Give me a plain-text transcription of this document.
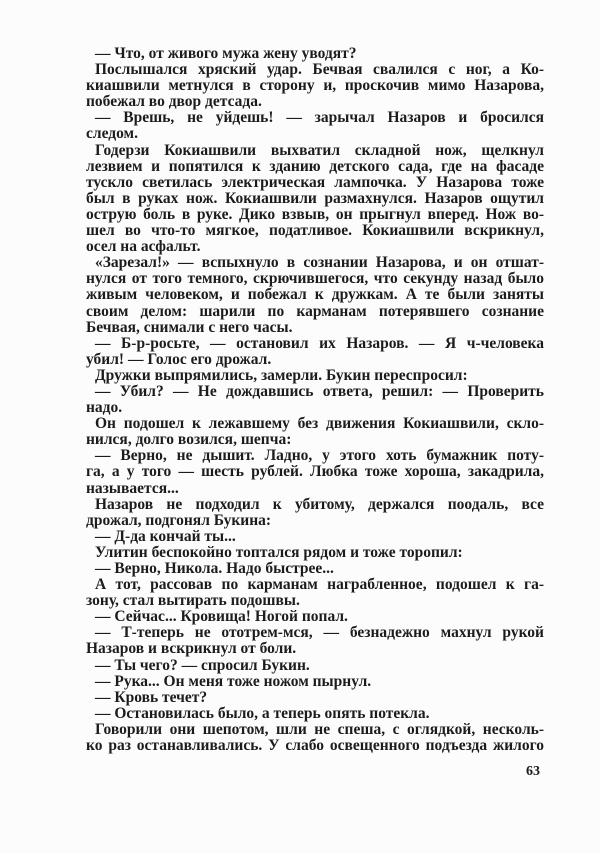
— Что, от живого мужа жену уводят?
Послышался хряский удар. Бечвая свалился с ног, а Ко-
киашвили метнулся в сторону и, проскочив мимо Назарова,
побежал во двор детсада.
— Врешь, не уйдешь! — зарычал Назаров и бросился
следом.
Годерзи Кокиашвили выхватил складной нож, щелкнул
лезвием и попятился к зданию детского сада, где на фасаде
тускло светилась электрическая лампочка. У Назарова тоже
был в руках нож. Кокиашвили размахнулся. Назаров ощутил
острую боль в руке. Дико взвыв, он прыгнул вперед. Нож во-
шел во что-то мягкое, податливое. Кокиашвили вскрикнул,
осел на асфальт.
«Зарезал!» — вспыхнуло в сознании Назарова, и он отшат-
нулся от того темного, скрючившегося, что секунду назад было
живым человеком, и побежал к дружкам. А те были заняты
своим делом: шарили по карманам потерявшего сознание
Бечвая, снимали с него часы.
— Б-р-росьте, — остановил их Назаров. — Я ч-человека
убил! — Голос его дрожал.
Дружки выпрямились, замерли. Букин переспросил:
— Убил? — Не дождавшись ответа, решил: — Проверить
надо.
Он подошел к лежавшему без движения Кокиашвили, скло-
нился, долго возился, шепча:
— Верно, не дышит. Ладно, у этого хоть бумажник поту-
га, а у того — шесть рублей. Любка тоже хороша, закадрила,
называется...
Назаров не подходил к убитому, держался поодаль, все
дрожал, подгонял Букина:
— Д-да кончай ты...
Улитин беспокойно топтался рядом и тоже торопил:
— Верно, Никола. Надо быстрее...
А тот, рассовав по карманам награбленное, подошел к га-
зону, стал вытирать подошвы.
— Сейчас... Кровища! Ногой попал.
— Т-теперь не ототрем-мся, — безнадежно махнул рукой
Назаров и вскрикнул от боли.
— Ты чего? — спросил Букин.
— Рука... Он меня тоже ножом пырнул.
— Кровь течет?
— Остановилась было, а теперь опять потекла.
Говорили они шепотом, шли не спеша, с оглядкой, несколь-
ко раз останавливались. У слабо освещенного подъезда жилого
63
